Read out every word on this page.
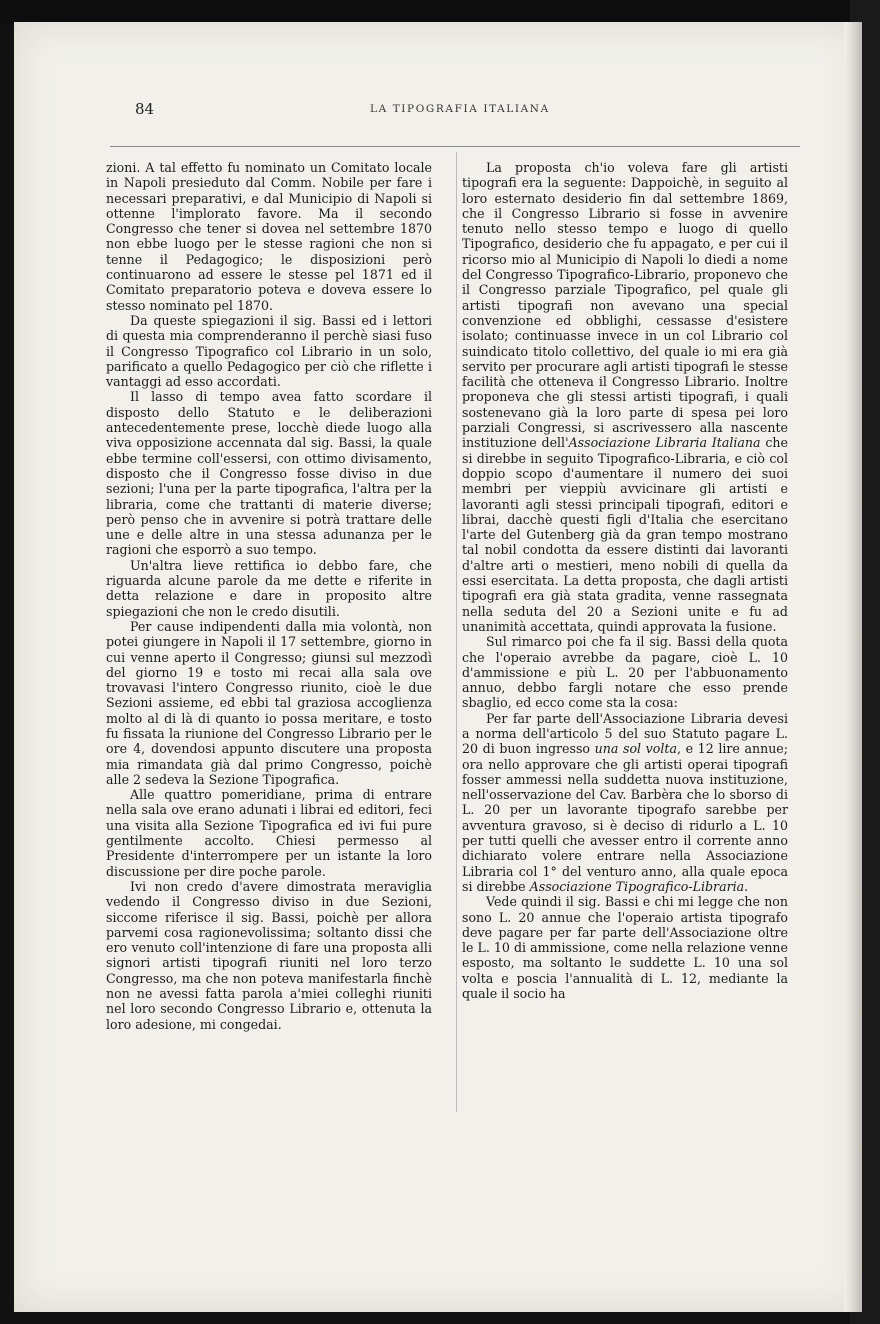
84	LA TIPOGRAFIA ITALIANA

zioni. A tal effetto fu nominato un Comitato locale in Napoli presieduto dal Comm. Nobile per fare i necessari preparativi, e dal Municipio di Napoli si ottenne l'implorato favore. Ma il secondo Congresso che tener si dovea nel settembre 1870 non ebbe luogo per le stesse ragioni che non si tenne il Pedagogico; le disposizioni però continuarono ad essere le stesse pel 1871 ed il Comitato preparatorio poteva e doveva essere lo stesso nominato pel 1870.

Da queste spiegazioni il sig. Bassi ed i lettori di questa mia comprenderanno il perchè siasi fuso il Congresso Tipografico col Librario in un solo, parificato a quello Pedagogico per ciò che riflette i vantaggi ad esso accordati.

Il lasso di tempo avea fatto scordare il disposto dello Statuto e le deliberazioni antecedentemente prese, locchè diede luogo alla viva opposizione accennata dal sig. Bassi, la quale ebbe termine coll'essersi, con ottimo divisamento, disposto che il Congresso fosse diviso in due sezioni; l'una per la parte tipografica, l'altra per la libraria, come che trattanti di materie diverse; però penso che in avvenire si potrà trattare delle une e delle altre in una stessa adunanza per le ragioni che esporrò a suo tempo.

Un'altra lieve rettifica io debbo fare, che riguarda alcune parole da me dette e riferite in detta relazione e dare in proposito altre spiegazioni che non le credo disutili.

Per cause indipendenti dalla mia volontà, non potei giungere in Napoli il 17 settembre, giorno in cui venne aperto il Congresso; giunsi sul mezzodì del giorno 19 e tosto mi recai alla sala ove trovavasi l'intero Congresso riunito, cioè le due Sezioni assieme, ed ebbi tal graziosa accoglienza molto al di là di quanto io possa meritare, e tosto fu fissata la riunione del Congresso Librario per le ore 4, dovendosi appunto discutere una proposta mia rimandata già dal primo Congresso, poichè alle 2 sedeva la Sezione Tipografica.

Alle quattro pomeridiane, prima di entrare nella sala ove erano adunati i librai ed editori, feci una visita alla Sezione Tipografica ed ivi fui pure gentilmente accolto. Chiesi permesso al Presidente d'interrompere per un istante la loro discussione per dire poche parole.

Ivi non credo d'avere dimostrata meraviglia vedendo il Congresso diviso in due Sezioni, siccome riferisce il sig. Bassi, poichè per allora parvemi cosa ragionevolissima; soltanto dissi che ero venuto coll'intenzione di fare una proposta alli signori artisti tipografi riuniti nel loro terzo Congresso, ma che non poteva manifestarla finchè non ne avessi fatta parola a'miei colleghi riuniti nel loro secondo Congresso Librario e, ottenuta la loro adesione, mi congedai.

La proposta ch'io voleva fare gli artisti tipografi era la seguente: Dappoichè, in seguito al loro esternato desiderio fin dal settembre 1869, che il Congresso Librario si fosse in avvenire tenuto nello stesso tempo e luogo di quello Tipografico, desiderio che fu appagato, e per cui il ricorso mio al Municipio di Napoli lo diedi a nome del Congresso Tipografico-Librario, proponevo che il Congresso parziale Tipografico, pel quale gli artisti tipografi non avevano una special convenzione ed obblighi, cessasse d'esistere isolato; continuasse invece in un col Librario col suindicato titolo collettivo, del quale io mi era già servito per procurare agli artisti tipografi le stesse facilità che otteneva il Congresso Librario. Inoltre proponeva che gli stessi artisti tipografi, i quali sostenevano già la loro parte di spesa pei loro parziali Congressi, si ascrivessero alla nascente instituzione dell'Associazione Libraria Italiana che si direbbe in seguito Tipografico-Libraria, e ciò col doppio scopo d'aumentare il numero dei suoi membri per vieppiù avvicinare gli artisti e lavoranti agli stessi principali tipografi, editori e librai, dacchè questi figli d'Italia che esercitano l'arte del Gutenberg già da gran tempo mostrano tal nobil condotta da essere distinti dai lavoranti d'altre arti o mestieri, meno nobili di quella da essi esercitata. La detta proposta, che dagli artisti tipografi era già stata gradita, venne rassegnata nella seduta del 20 a Sezioni unite e fu ad unanimità accettata, quindi approvata la fusione.

Sul rimarco poi che fa il sig. Bassi della quota che l'operaio avrebbe da pagare, cioè L. 10 d'ammissione e più L. 20 per l'abbuonamento annuo, debbo fargli notare che esso prende sbaglio, ed ecco come sta la cosa:

Per far parte dell'Associazione Libraria devesi a norma dell'articolo 5 del suo Statuto pagare L. 20 di buon ingresso una sol volta, e 12 lire annue; ora nello approvare che gli artisti operai tipografi fosser ammessi nella suddetta nuova instituzione, nell'osservazione del Cav. Barbèra che lo sborso di L. 20 per un lavorante tipografo sarebbe per avventura gravoso, si è deciso di ridurlo a L. 10 per tutti quelli che avesser entro il corrente anno dichiarato volere entrare nella Associazione Libraria col 1° del venturo anno, alla quale epoca si direbbe Associazione Tipografico-Libraria.

Vede quindi il sig. Bassi e chi mi legge che non sono L. 20 annue che l'operaio artista tipografo deve pagare per far parte dell'Associazione oltre le L. 10 di ammissione, come nella relazione venne esposto, ma soltanto le suddette L. 10 una sol volta e poscia l'annualità di L. 12, mediante la quale il socio ha
